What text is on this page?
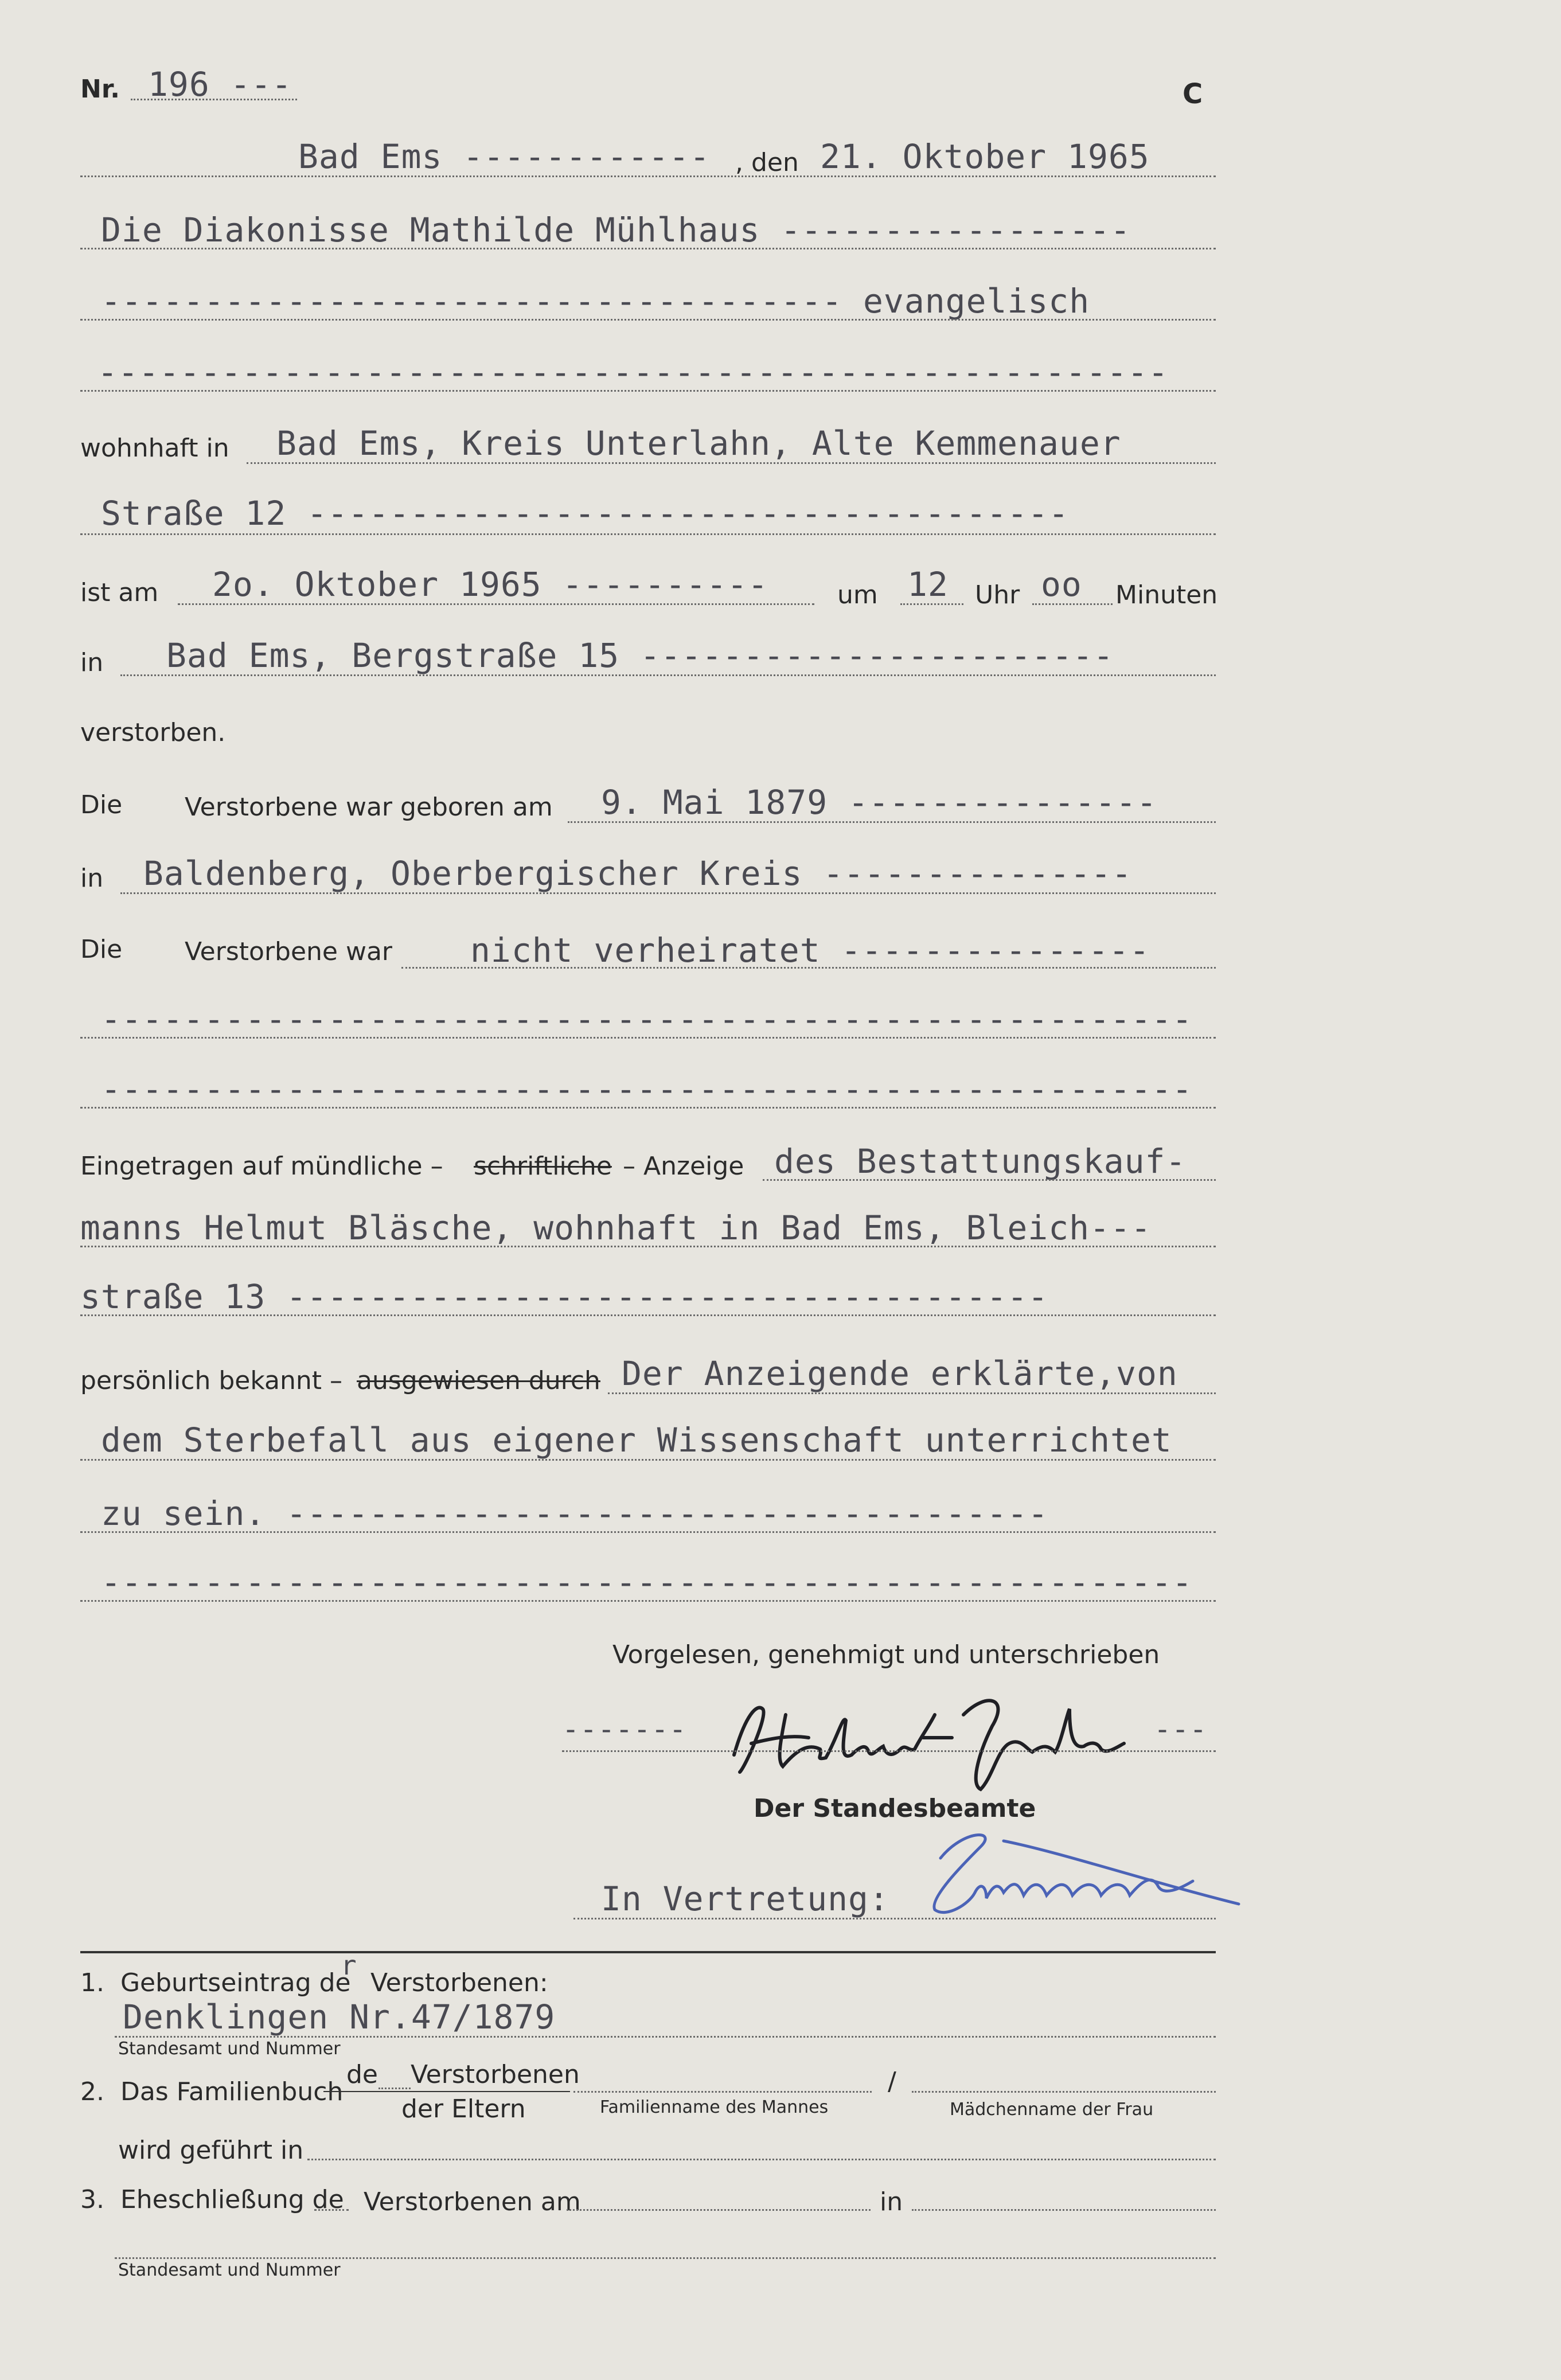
Nr. 196 ---	C
Bad Ems ------------ , den 21. Oktober 1965
Die Diakonisse Mathilde Mühlhaus -----------------
------------------------------------ evangelisch
----------------------------------------------------
wohnhaft in Bad Ems, Kreis Unterlahn, Alte Kemmenauer
Straße 12 -------------------------------------
ist am 2o. Oktober 1965 ----------	um 12 Uhr oo Minuten
in Bad Ems, Bergstraße 15 -----------------------
verstorben.
Die Verstorbene war geboren am 9. Mai 1879 ---------------
in Baldenberg, Oberbergischer Kreis ---------------
Die Verstorbene war nicht verheiratet ---------------
-----------------------------------------------------
-----------------------------------------------------
Eingetragen auf mündliche – schriftliche – Anzeige des Bestattungskauf-
manns Helmut Bläsche, wohnhaft in Bad Ems, Bleich---
straße 13 -------------------------------------
persönlich bekannt – ausgewiesen durch Der Anzeigende erklärte,von
dem Sterbefall aus eigener Wissenschaft unterrichtet
zu sein. -------------------------------------
-----------------------------------------------------
Vorgelesen, genehmigt und unterschrieben
-------	---
Der Standesbeamte
In Vertretung:
1.  Geburtseintrag de
r
Verstorbenen:
Denklingen Nr.47/1879
Standesamt und Nummer
2.  Das Familienbuch
de Verstorbenen
der Eltern
/
Familienname des Mannes	Mädchenname der Frau
wird geführt in
3.  Eheschließung de Verstorbenen am	in
Standesamt und Nummer
